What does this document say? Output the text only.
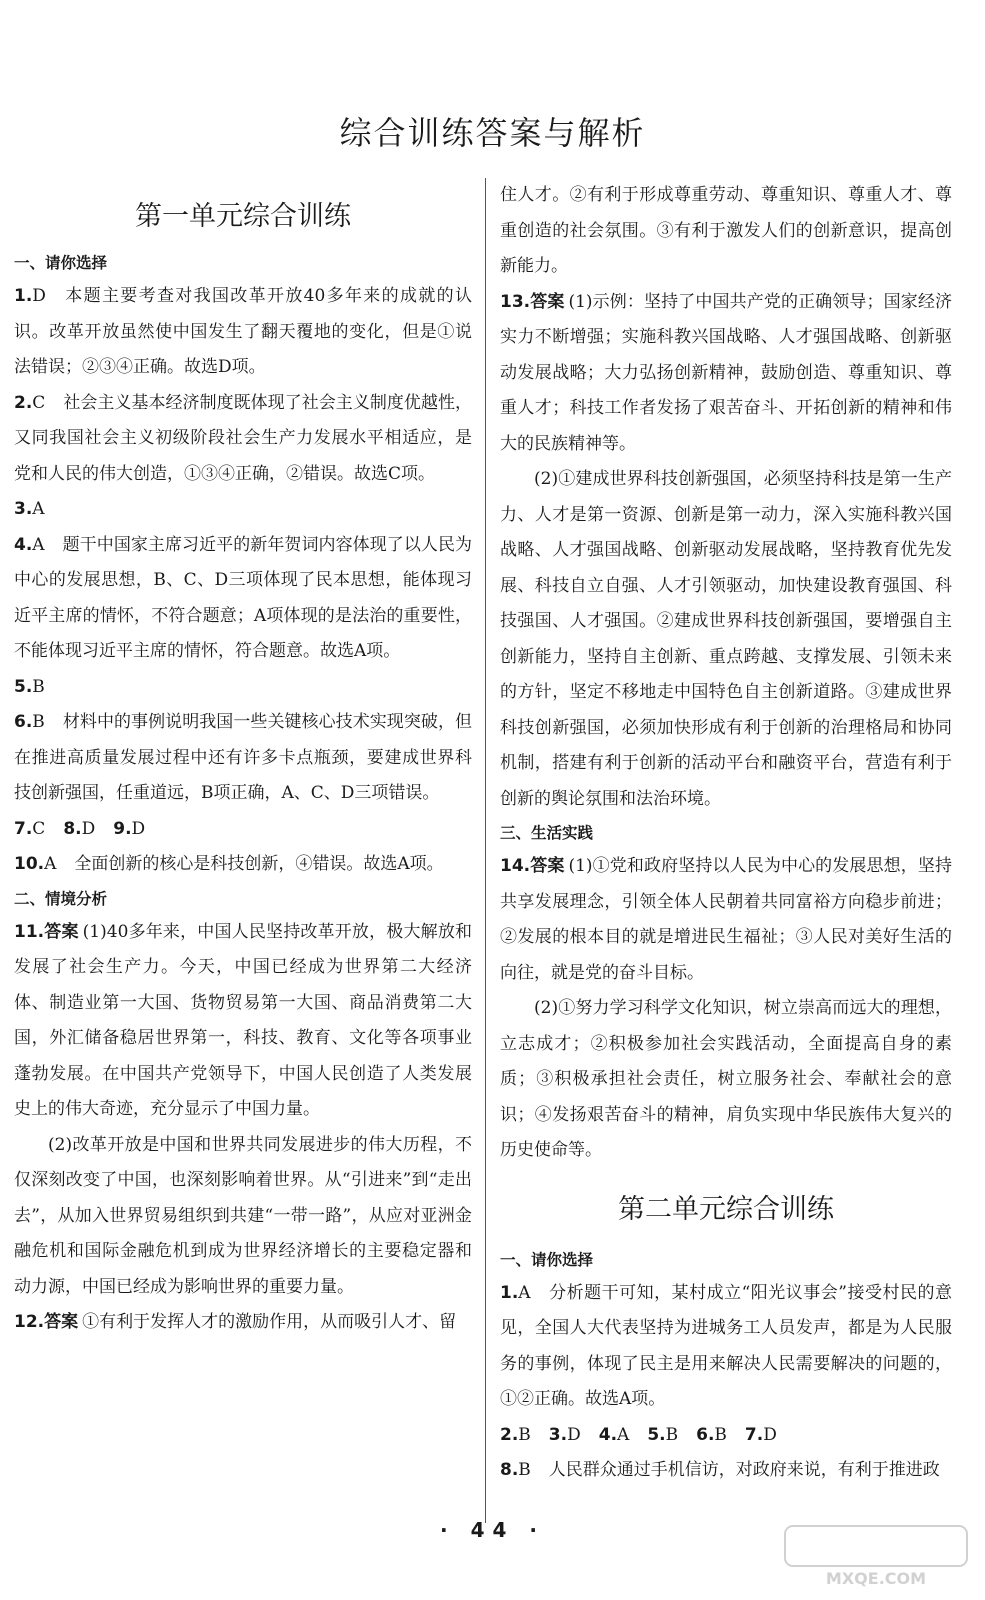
综合训练答案与解析
第一单元综合训练

一、请你选择

1.D 本题主要考查对我国改革开放40多年来的成就的认识。改革开放虽然使中国发生了翻天覆地的变化，但是①说法错误；②③④正确。故选D项。

2.C 社会主义基本经济制度既体现了社会主义制度优越性，又同我国社会主义初级阶段社会生产力发展水平相适应，是党和人民的伟大创造，①③④正确，②错误。故选C项。

3.A

4.A 题干中国家主席习近平的新年贺词内容体现了以人民为中心的发展思想，B、C、D三项体现了民本思想，能体现习近平主席的情怀，不符合题意；A项体现的是法治的重要性，不能体现习近平主席的情怀，符合题意。故选A项。

5.B

6.B 材料中的事例说明我国一些关键核心技术实现突破，但在推进高质量发展过程中还有许多卡点瓶颈，要建成世界科技创新强国，任重道远，B项正确，A、C、D三项错误。

7.C 8.D 9.D

10.A 全面创新的核心是科技创新，④错误。故选A项。

二、情境分析

11.答案 (1)40多年来，中国人民坚持改革开放，极大解放和发展了社会生产力。今天，中国已经成为世界第二大经济体、制造业第一大国、货物贸易第一大国、商品消费第二大国，外汇储备稳居世界第一，科技、教育、文化等各项事业蓬勃发展。在中国共产党领导下，中国人民创造了人类发展史上的伟大奇迹，充分显示了中国力量。

(2)改革开放是中国和世界共同发展进步的伟大历程，不仅深刻改变了中国，也深刻影响着世界。从“引进来”到“走出去”，从加入世界贸易组织到共建“一带一路”，从应对亚洲金融危机和国际金融危机到成为世界经济增长的主要稳定器和动力源，中国已经成为影响世界的重要力量。

12.答案 ①有利于发挥人才的激励作用，从而吸引人才、留

住人才。②有利于形成尊重劳动、尊重知识、尊重人才、尊重创造的社会氛围。③有利于激发人们的创新意识，提高创新能力。

13.答案 (1)示例：坚持了中国共产党的正确领导；国家经济实力不断增强；实施科教兴国战略、人才强国战略、创新驱动发展战略；大力弘扬创新精神，鼓励创造、尊重知识、尊重人才；科技工作者发扬了艰苦奋斗、开拓创新的精神和伟大的民族精神等。

(2)①建成世界科技创新强国，必须坚持科技是第一生产力、人才是第一资源、创新是第一动力，深入实施科教兴国战略、人才强国战略、创新驱动发展战略，坚持教育优先发展、科技自立自强、人才引领驱动，加快建设教育强国、科技强国、人才强国。②建成世界科技创新强国，要增强自主创新能力，坚持自主创新、重点跨越、支撑发展、引领未来的方针，坚定不移地走中国特色自主创新道路。③建成世界科技创新强国，必须加快形成有利于创新的治理格局和协同机制，搭建有利于创新的活动平台和融资平台，营造有利于创新的舆论氛围和法治环境。

三、生活实践

14.答案 (1)①党和政府坚持以人民为中心的发展思想，坚持共享发展理念，引领全体人民朝着共同富裕方向稳步前进；②发展的根本目的就是增进民生福祉；③人民对美好生活的向往，就是党的奋斗目标。

(2)①努力学习科学文化知识，树立崇高而远大的理想，立志成才；②积极参加社会实践活动，全面提高自身的素质；③积极承担社会责任，树立服务社会、奉献社会的意识；④发扬艰苦奋斗的精神，肩负实现中华民族伟大复兴的历史使命等。

第二单元综合训练

一、请你选择

1.A 分析题干可知，某村成立“阳光议事会”接受村民的意见，全国人大代表坚持为进城务工人员发声，都是为人民服务的事例，体现了民主是用来解决人民需要解决的问题的，①②正确。故选A项。

2.B 3.D 4.A 5.B 6.B 7.D

8.B 人民群众通过手机信访，对政府来说，有利于推进政

· 44 ·
MXQE.COM
